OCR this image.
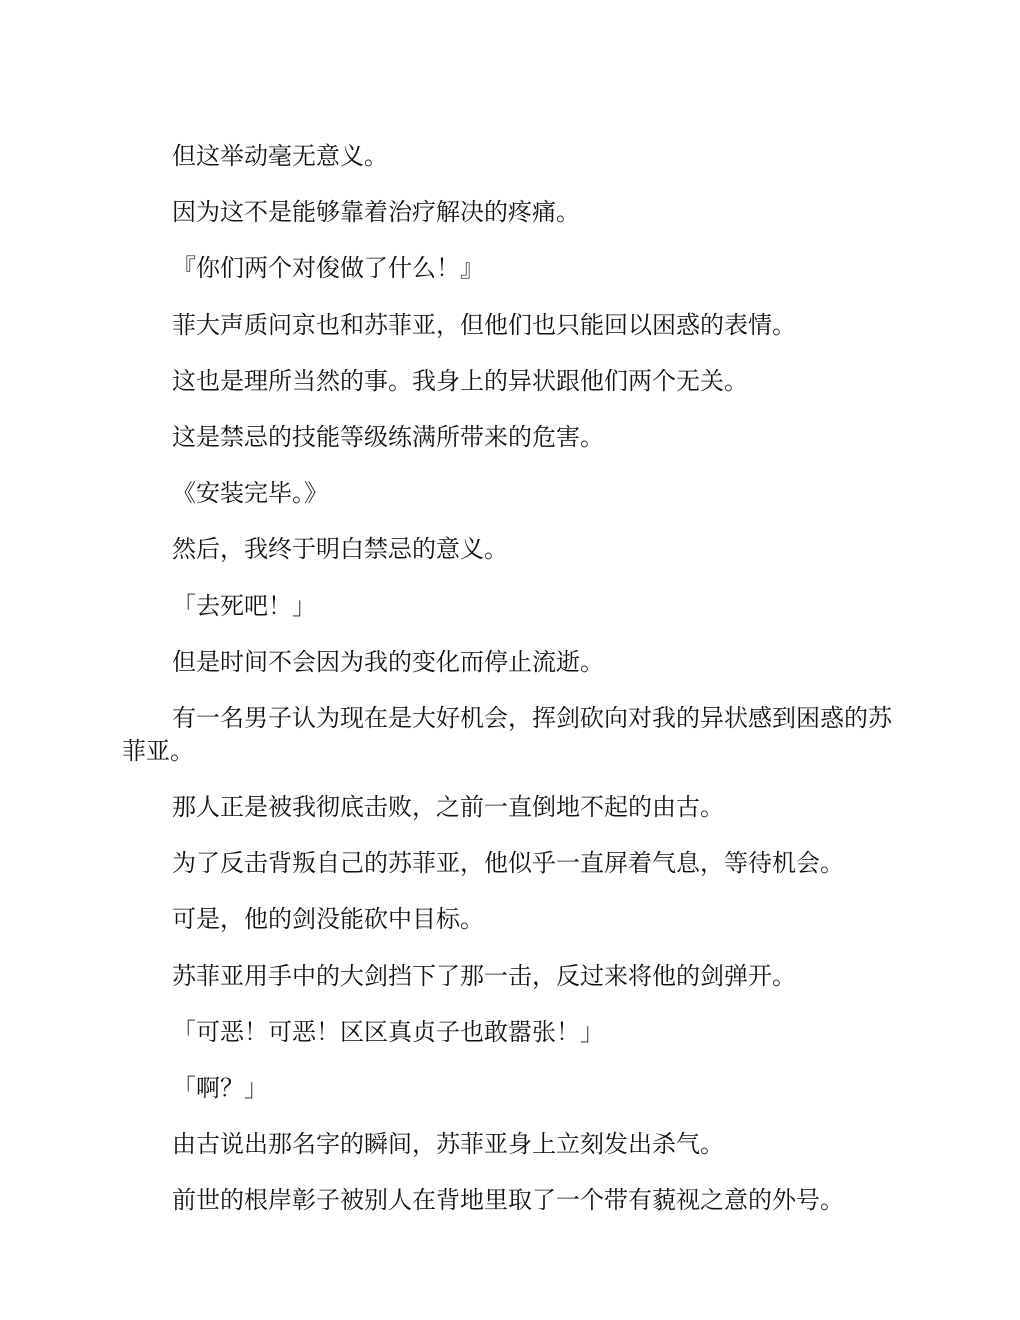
但这举动毫无意义。

因为这不是能够靠着治疗解决的疼痛。

『你们两个对俊做了什么！』

菲大声质问京也和苏菲亚，但他们也只能回以困惑的表情。

这也是理所当然的事。我身上的异状跟他们两个无关。

这是禁忌的技能等级练满所带来的危害。

《安装完毕。》

然后，我终于明白禁忌的意义。

「去死吧！」

但是时间不会因为我的变化而停止流逝。

有一名男子认为现在是大好机会，挥剑砍向对我的异状感到困惑的苏菲亚。

那人正是被我彻底击败，之前一直倒地不起的由古。

为了反击背叛自己的苏菲亚，他似乎一直屏着气息，等待机会。

可是，他的剑没能砍中目标。

苏菲亚用手中的大剑挡下了那一击，反过来将他的剑弹开。

「可恶！可恶！区区真贞子也敢嚣张！」

「啊？」

由古说出那名字的瞬间，苏菲亚身上立刻发出杀气。

前世的根岸彰子被别人在背地里取了一个带有藐视之意的外号。
